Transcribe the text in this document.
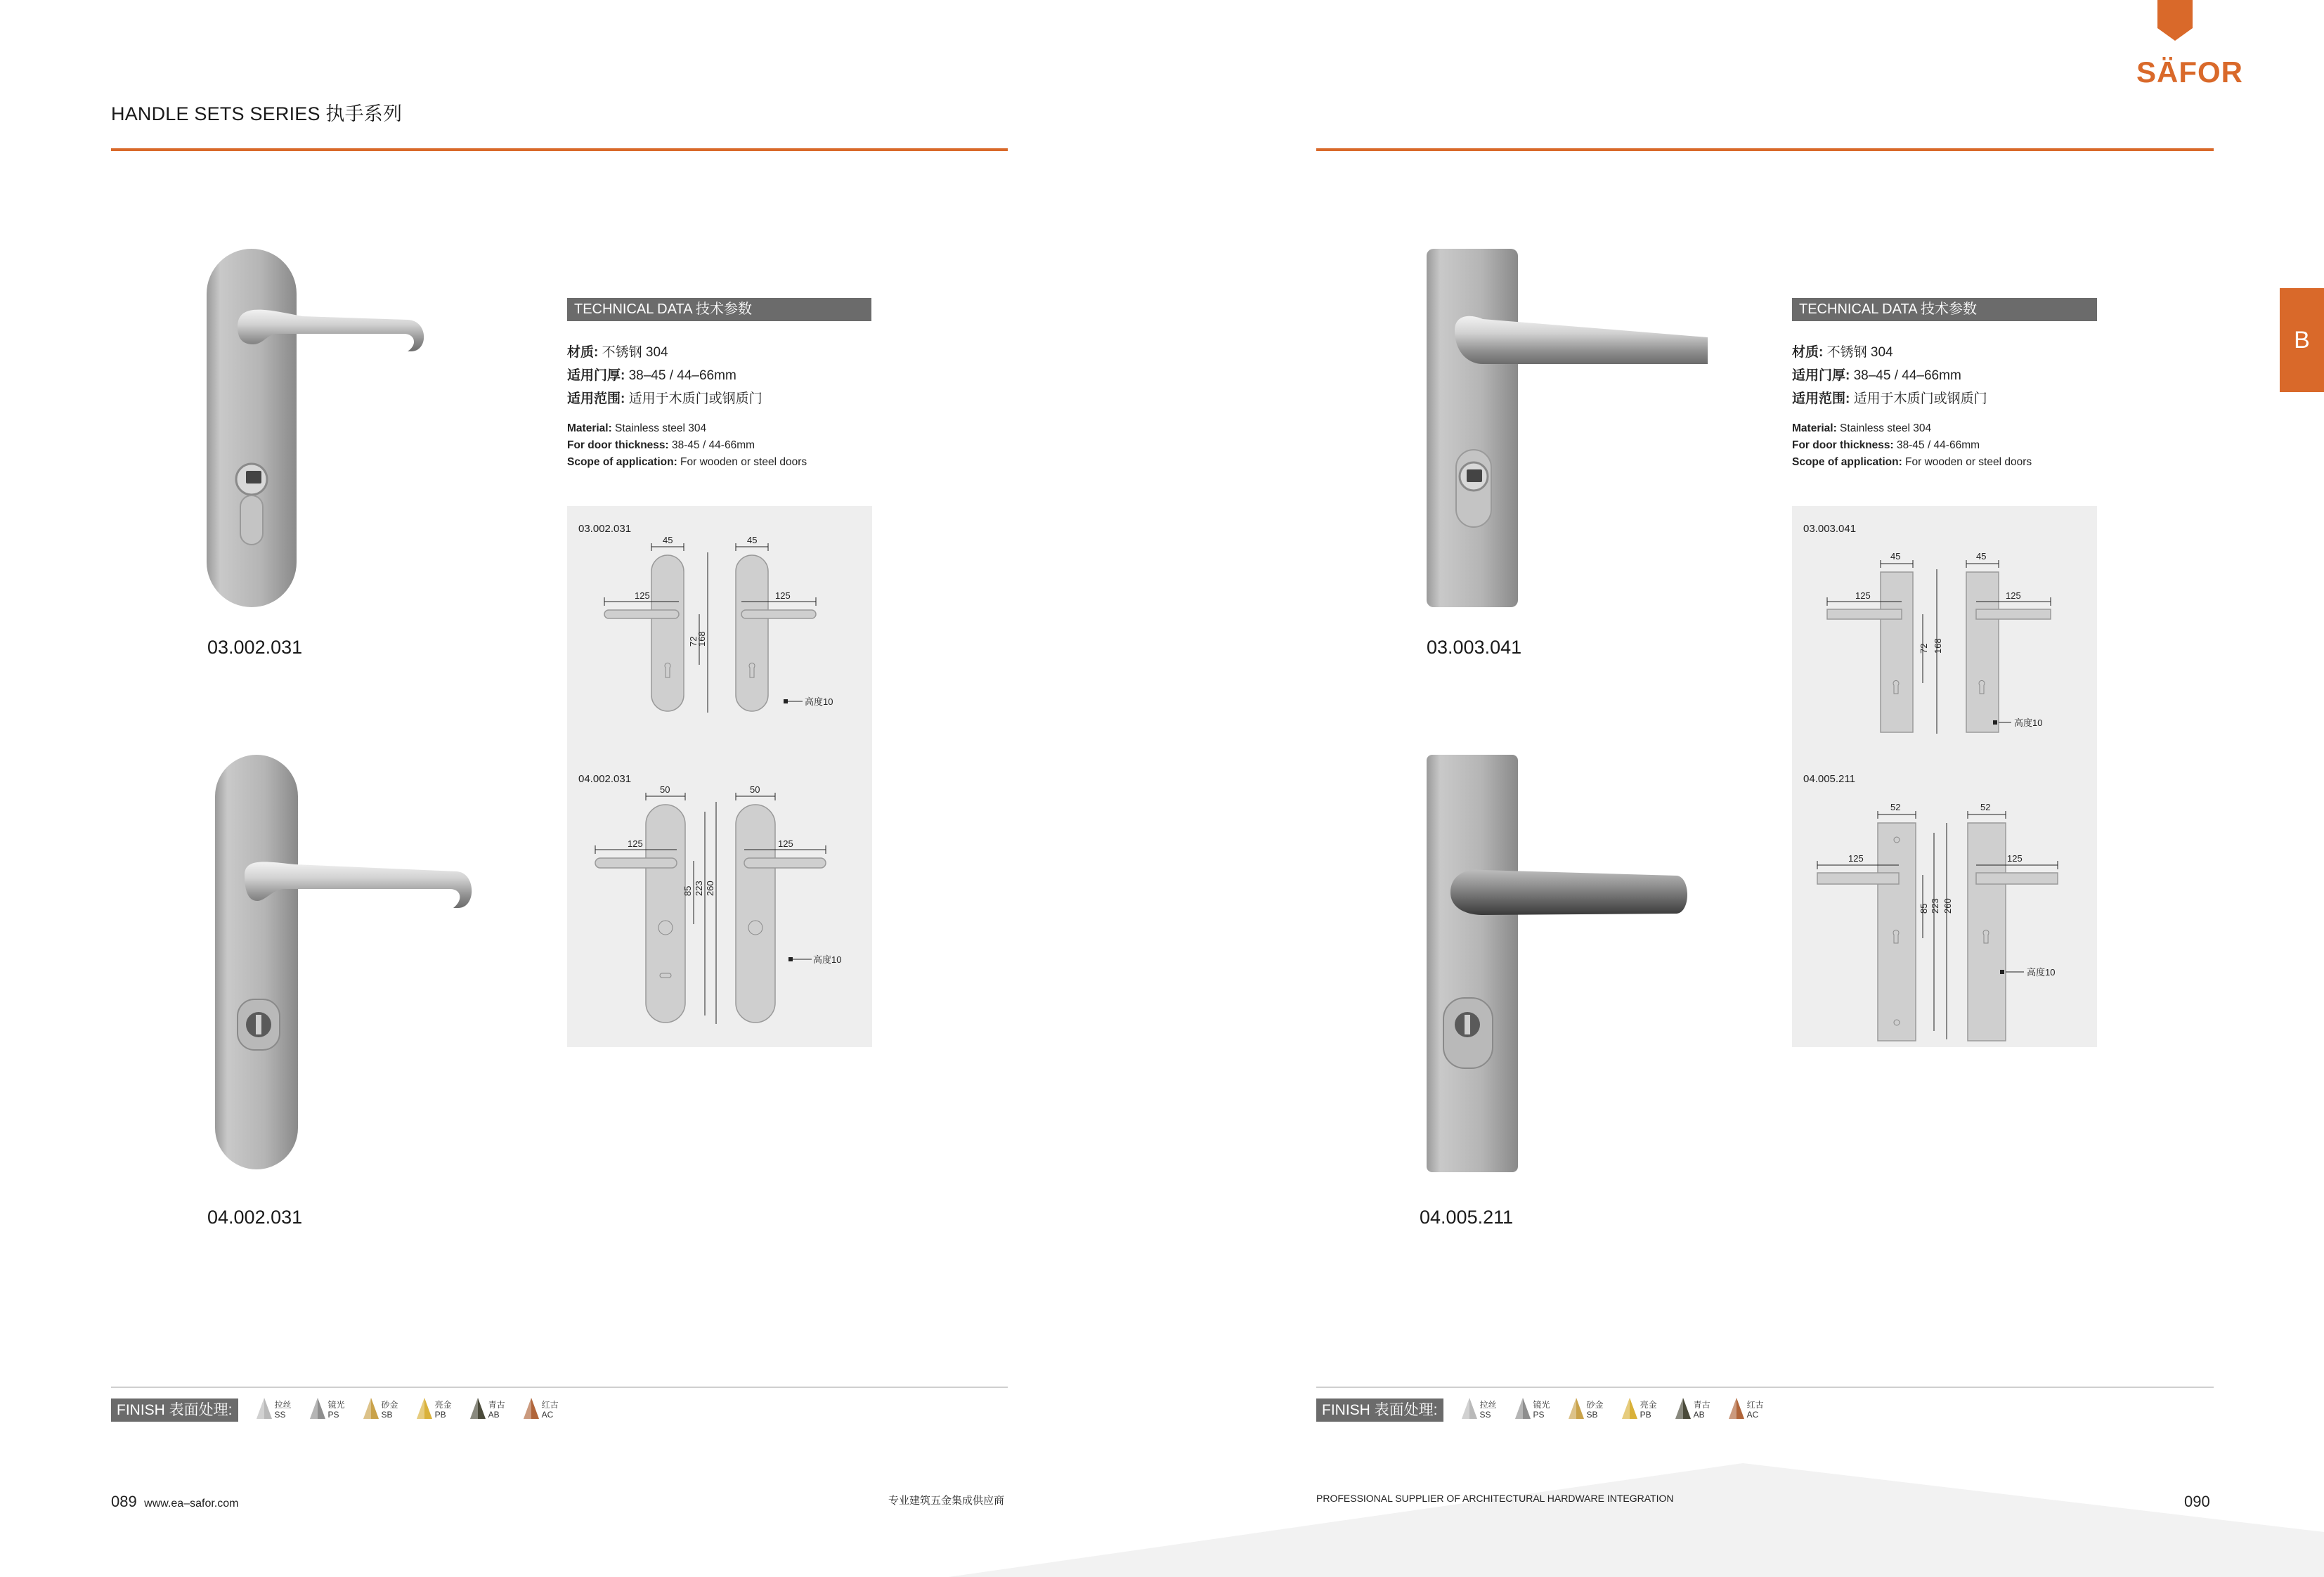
HANDLE SETS SERIES 执手系列
SÄFOR
B
03.002.031
04.002.031
TECHNICAL DATA 技术参数
材质: 不锈钢 304
适用门厚: 38–45 / 44–66mm
适用范围: 适用于木质门或钢质门
Material: Stainless steel 304
For door thickness: 38-45 / 44-66mm
Scope of application: For wooden or steel doors
03.002.031
45	45
125	125
72
168
高度10
04.002.031
50	50
125	125
85 223 260
高度10
03.003.041
04.005.211
TECHNICAL DATA 技术参数
材质: 不锈钢 304
适用门厚: 38–45 / 44–66mm
适用范围: 适用于木质门或钢质门
Material: Stainless steel 304
For door thickness: 38-45 / 44-66mm
Scope of application: For wooden or steel doors
03.003.041
45	45
125	125
72 168
高度10
04.005.211
52	52
125	125
85 223 260
高度10
FINISH 表面处理:	拉丝
SS
镜光
PS
砂金
SB
亮金
PB
青古
AB
红古
AC	FINISH 表面处理:	拉丝
SS
镜光
PS
砂金
SB
亮金
PB
青古
AB
红古
AC
089 www.ea–safor.com	专业建筑五金集成供应商	PROFESSIONAL SUPPLIER OF ARCHITECTURAL HARDWARE INTEGRATION	090
